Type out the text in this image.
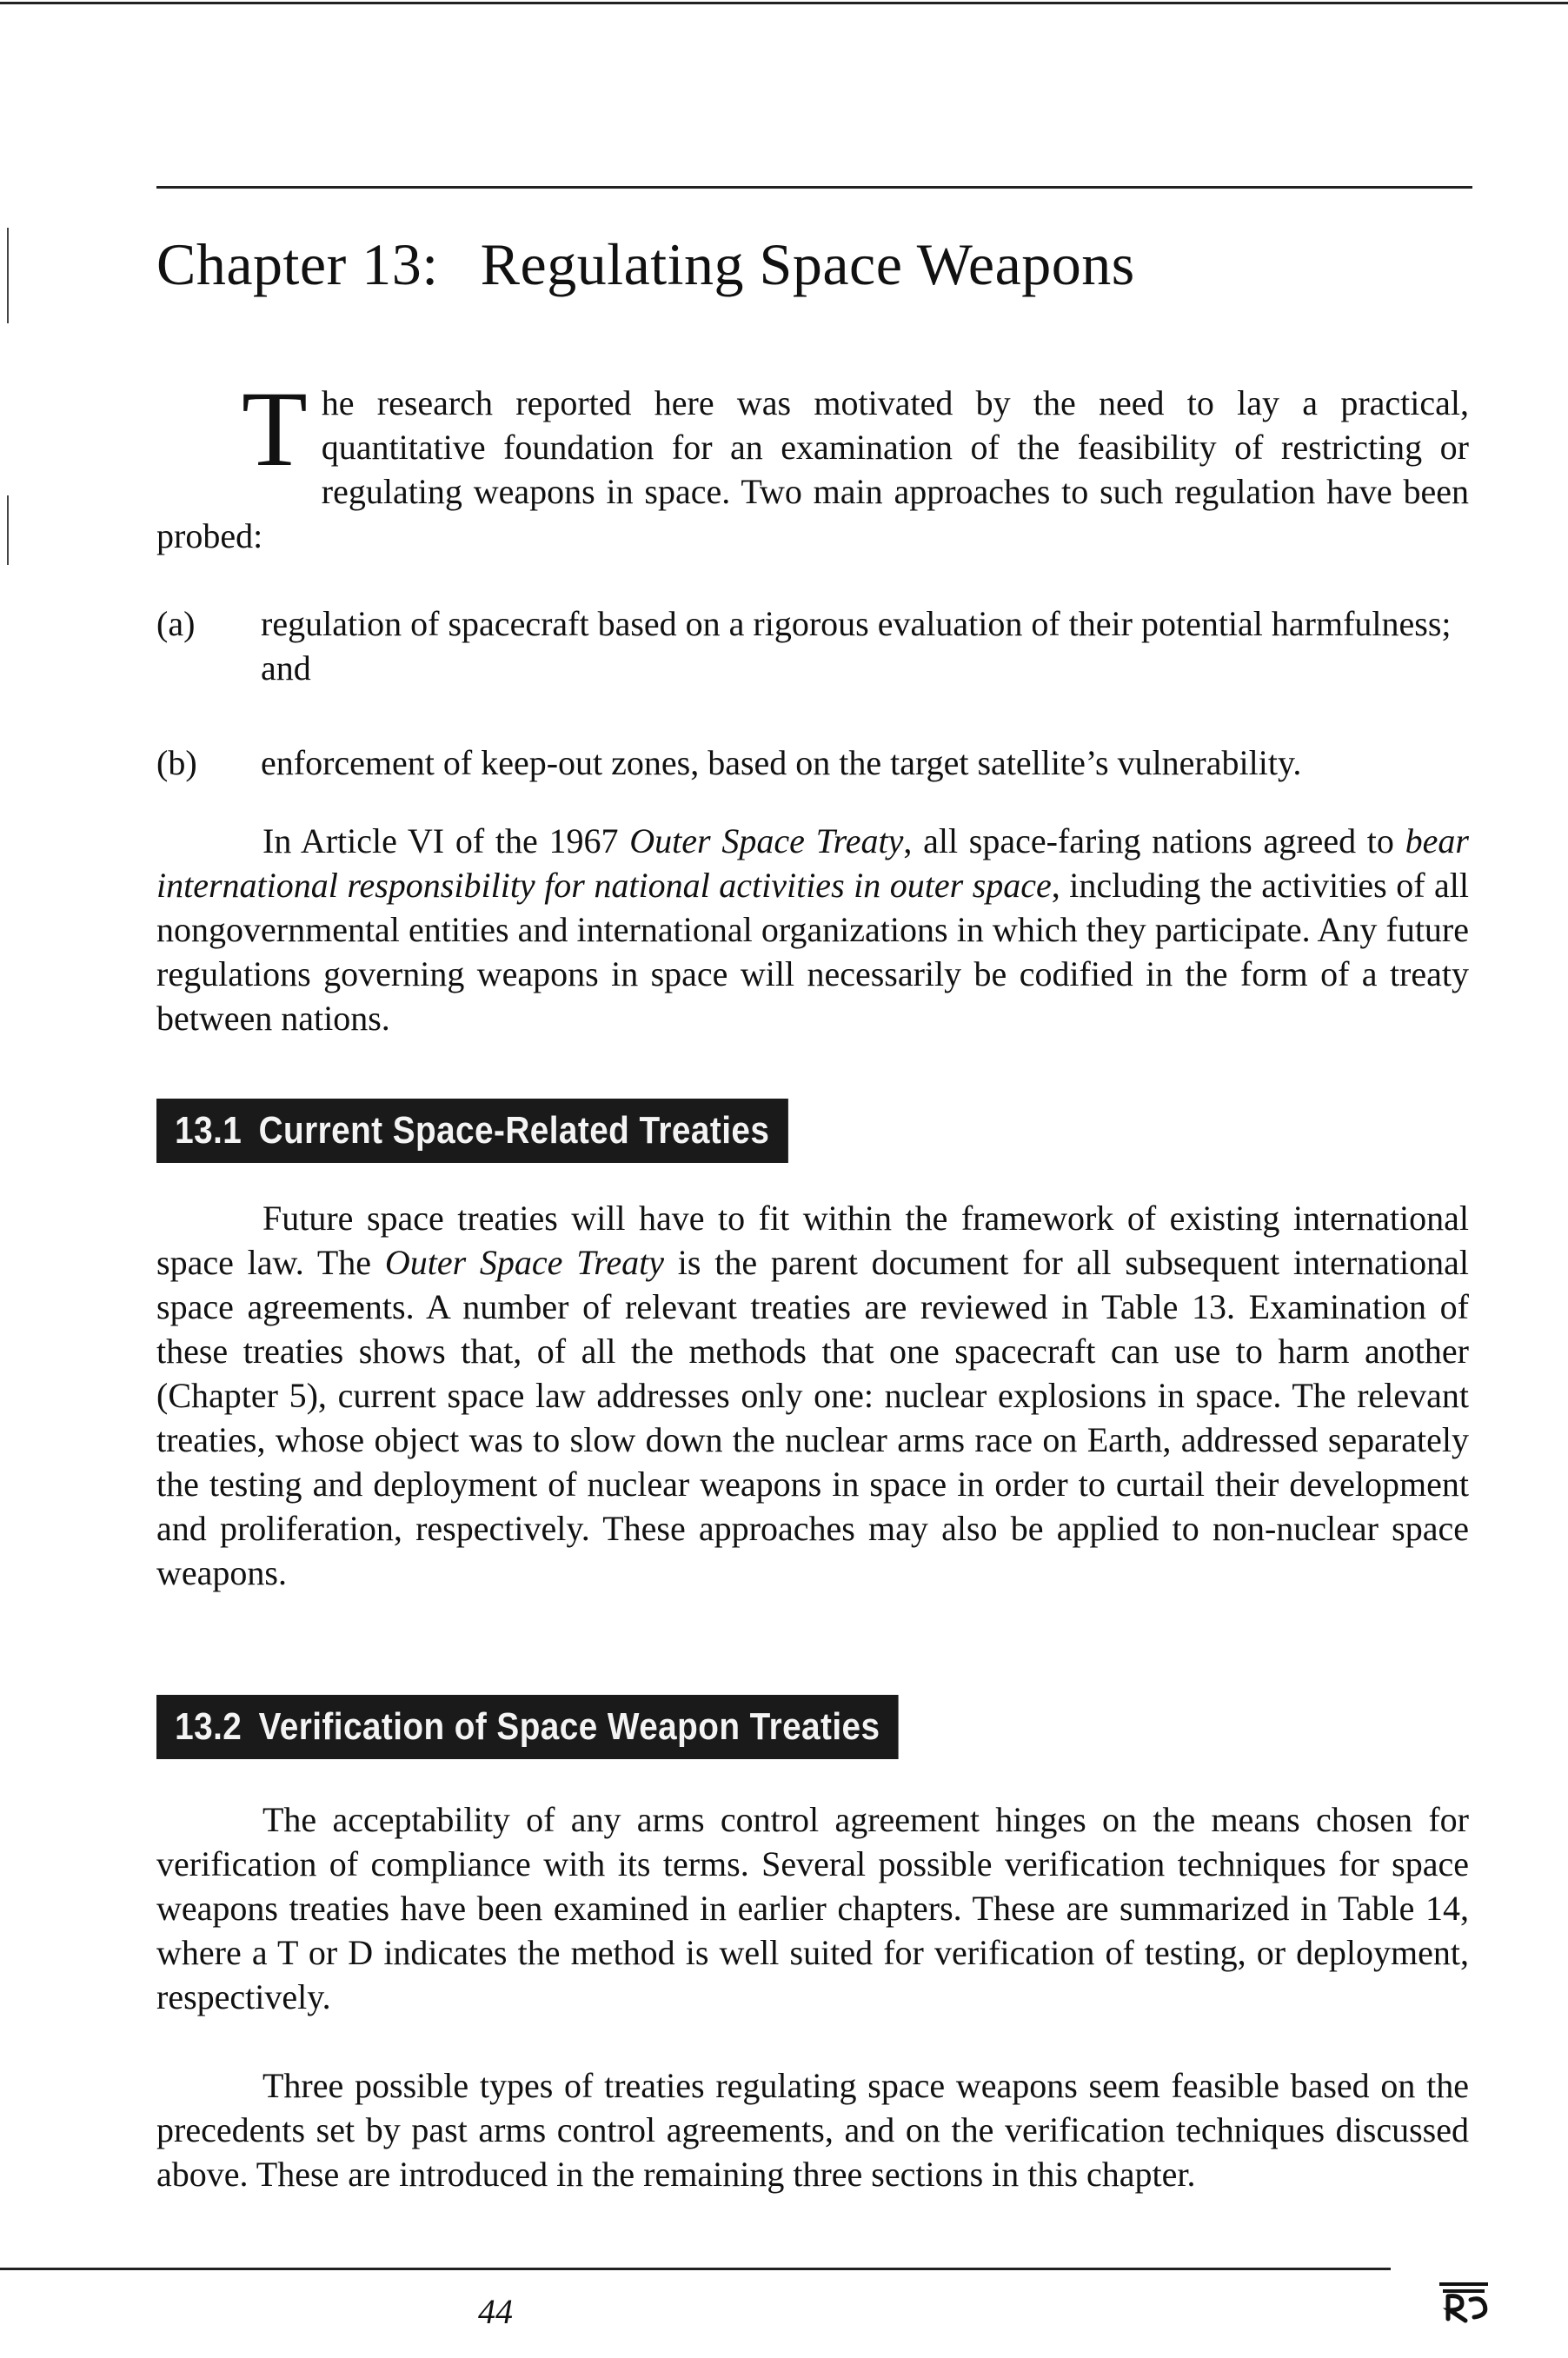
Chapter 13: Regulating Space Weapons
The research reported here was motivated by the need to lay a practical, quantitative foundation for an examination of the feasibility of restricting or regulating weapons in space. Two main approaches to such regulation have been probed:
(a) regulation of spacecraft based on a rigorous evaluation of their potential harmfulness; and
(b) enforcement of keep-out zones, based on the target satellite’s vulnerability.
In Article VI of the 1967 Outer Space Treaty, all space-faring nations agreed to bear international responsibility for national activities in outer space, including the activities of all nongovernmental entities and international organizations in which they participate. Any future regulations governing weapons in space will necessarily be codified in the form of a treaty between nations.
13.1 Current Space-Related Treaties
Future space treaties will have to fit within the framework of existing international space law. The Outer Space Treaty is the parent document for all subsequent international space agreements. A number of relevant treaties are reviewed in Table 13. Examination of these treaties shows that, of all the methods that one spacecraft can use to harm another (Chapter 5), current space law addresses only one: nuclear explosions in space. The relevant treaties, whose object was to slow down the nuclear arms race on Earth, addressed separately the testing and deployment of nuclear weapons in space in order to curtail their development and proliferation, respectively. These approaches may also be applied to non-nuclear space weapons.
13.2 Verification of Space Weapon Treaties
The acceptability of any arms control agreement hinges on the means chosen for verification of compliance with its terms. Several possible verification techniques for space weapons treaties have been examined in earlier chapters. These are summarized in Table 14, where a T or D indicates the method is well suited for verification of testing, or deployment, respectively.
Three possible types of treaties regulating space weapons seem feasible based on the precedents set by past arms control agreements, and on the verification techniques discussed above. These are introduced in the remaining three sections in this chapter.
44
